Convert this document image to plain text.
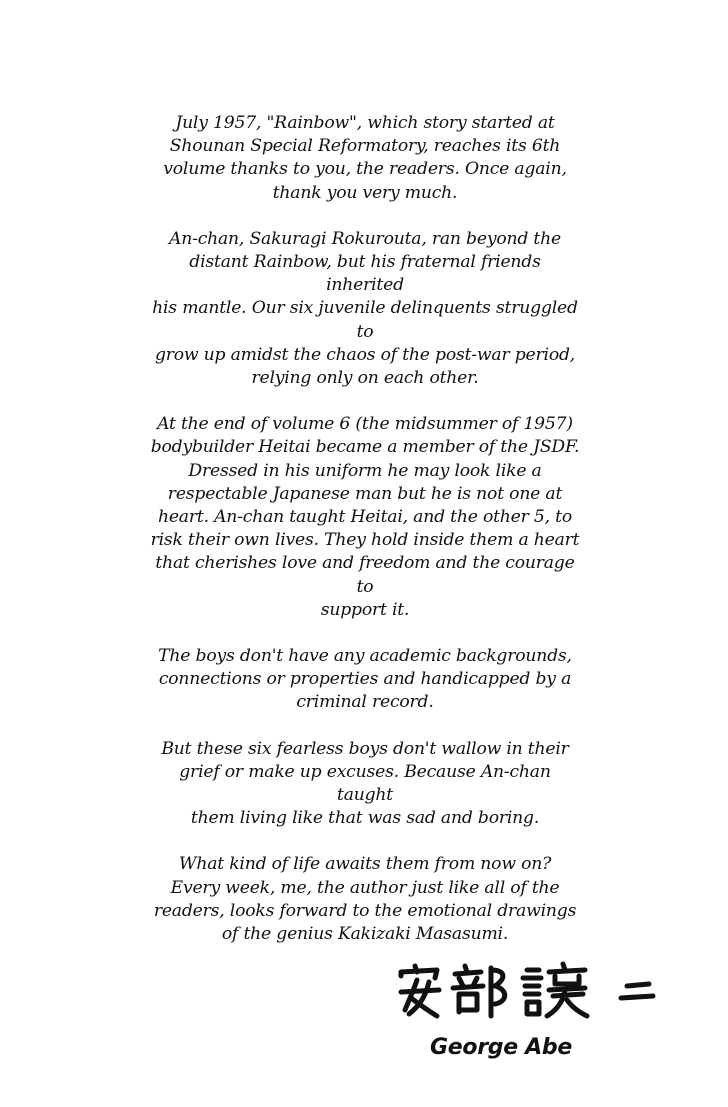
July 1957, "Rainbow", which story started at
Shounan Special Reformatory, reaches its 6th
volume thanks to you, the readers. Once again,
thank you very much.

An-chan, Sakuragi Rokurouta, ran beyond the
distant Rainbow, but his fraternal friends inherited
his mantle. Our six juvenile delinquents struggled to
grow up amidst the chaos of the post-war period,
relying only on each other.

At the end of volume 6 (the midsummer of 1957)
bodybuilder Heitai became a member of the JSDF.
Dressed in his uniform he may look like a
respectable Japanese man but he is not one at
heart. An-chan taught Heitai, and the other 5, to
risk their own lives. They hold inside them a heart
that cherishes love and freedom and the courage to
support it.

The boys don't have any academic backgrounds,
connections or properties and handicapped by a
criminal record.

But these six fearless boys don't wallow in their
grief or make up excuses. Because An-chan taught
them living like that was sad and boring.

What kind of life awaits them from now on?
Every week, me, the author just like all of the
readers, looks forward to the emotional drawings
of the genius Kakizaki Masasumi.

George Abe
